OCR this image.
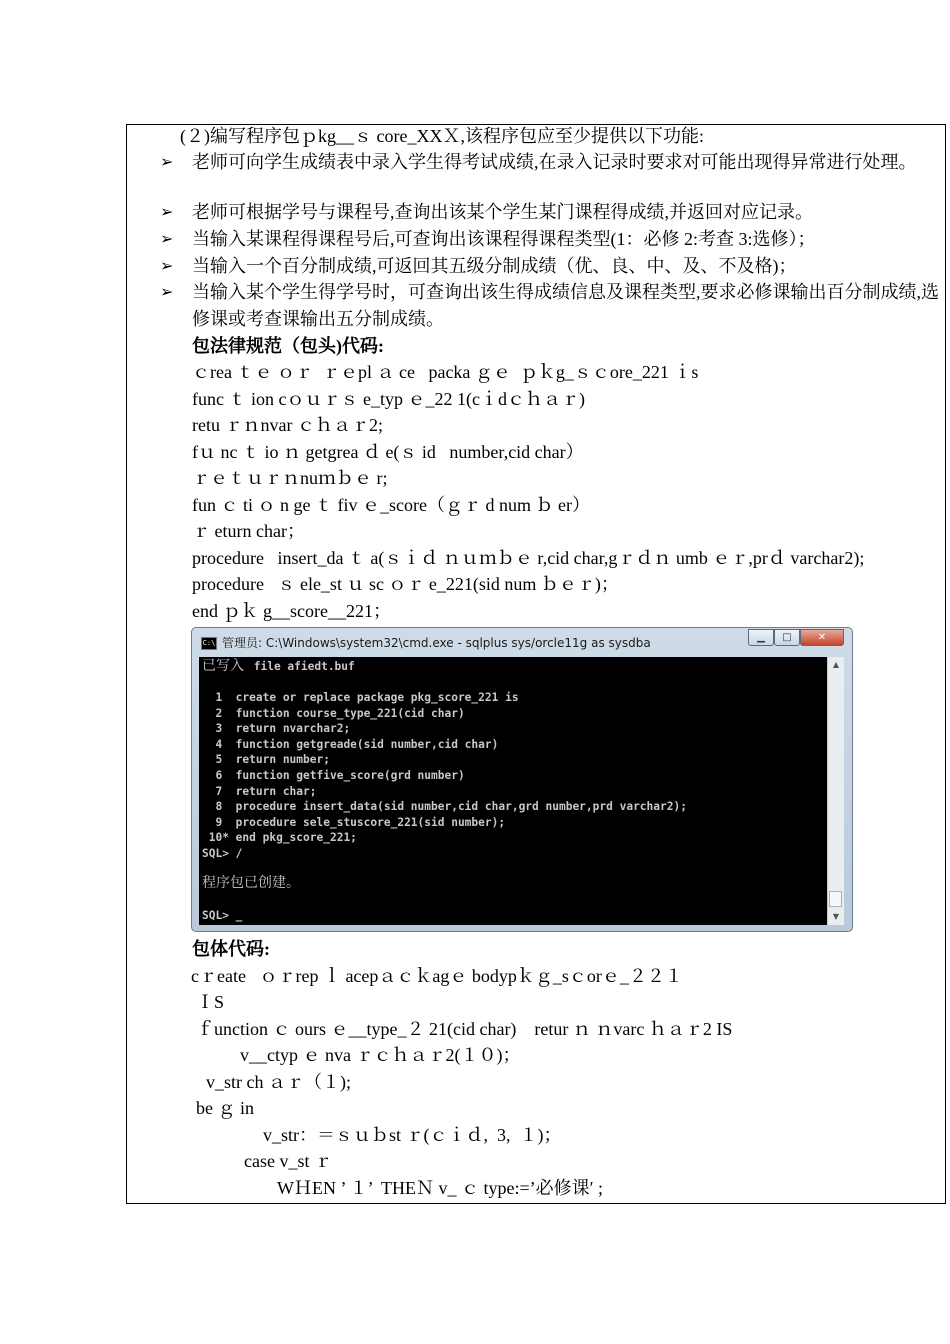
(２)编写程序包ｐkg__ｓ core_XXＸ,该程序包应至少提供以下功能:
➢ 老师可向学生成绩表中录入学生得考试成绩,在录入记录时要求对可能出现得异常进行处理。
➢ 老师可根据学号与课程号,查询出该某个学生某门课程得成绩,并返回对应记录。
➢ 当输入某课程得课程号后,可查询出该课程得课程类型(1：必修 2:考查 3:选修）；
➢ 当输入一个百分制成绩,可返回其五级分制成绩（优、良、中、及、不及格)；
➢ 当输入某个学生得学号时，可查询出该生得成绩信息及课程类型,要求必修课输出百分制成绩,选修课或考查课输出五分制成绩。
包法律规范（包头)代码:
ｃrea ｔｅ ｏｒ  ｒｅpl ａ ce   packa ｇｅ  ｐｋg_ｓｃore_221 ｉs
func ｔ ion cｏｕｒｓ e_typ ｅ_22 1(cｉdｃｈａｒ)
retu ｒｎnvar ｃｈａｒ2;
fｕ nc ｔ io ｎ getgrea ｄ e(ｓ id   number,cid char）
ｒｅｔｕｒｎnuｍｂｅ r;
fun ｃ ti ｏ n ge ｔ fiv ｅ_score（ｇｒ d num ｂ er）
ｒ eturn char；
procedure   insert_da ｔ a(ｓｉｄ ｎｕｍｂｅ r,cid char,gｒｄｎ umb ｅｒ,prｄ varchar2);
procedure   ｓ ele_st ｕ sc ｏｒ e_221(sid num ｂｅｒ)；
end ｐｋ g__score__221；
C:\ 管理员: C:\Windows\system32\cmd.exe - sqlplus sys/orcle11g as sysdba	▁	□	✕
已写入 file afiedt.buf
1  create or replace package pkg_score_221 is
2  function course_type_221(cid char)
3  return nvarchar2;
4  function getgreade(sid number,cid char)
5  return number;
6  function getfive_score(grd number)
7  return char;
8  procedure insert_data(sid number,cid char,grd number,prd varchar2);
9  procedure sele_stuscore_221(sid number);
10* end pkg_score_221;
SQL> /
程序包已创建。
SQL> _
▲
▼
包体代码:
cｒeate   ｏｒrep ｌ acepａｃｋagｅ bodypｋｇ_sｃorｅ_２２１
ＩS
ｆunction ｃ ours ｅ__type_２ 21(cid char)    retur ｎ ｎvarc ｈａｒ2 IS
v__ctyp ｅ nva ｒｃｈａｒ2(１０)；
v_str ch ａｒ（１);
be ｇ in
v_str：＝ｓｕｂst ｒ(ｃｉｄ,  3,  １)；
case v_st ｒ
WＨEN ’ １’  THEＮ v_ ｃ type:=’必修课′ ;
